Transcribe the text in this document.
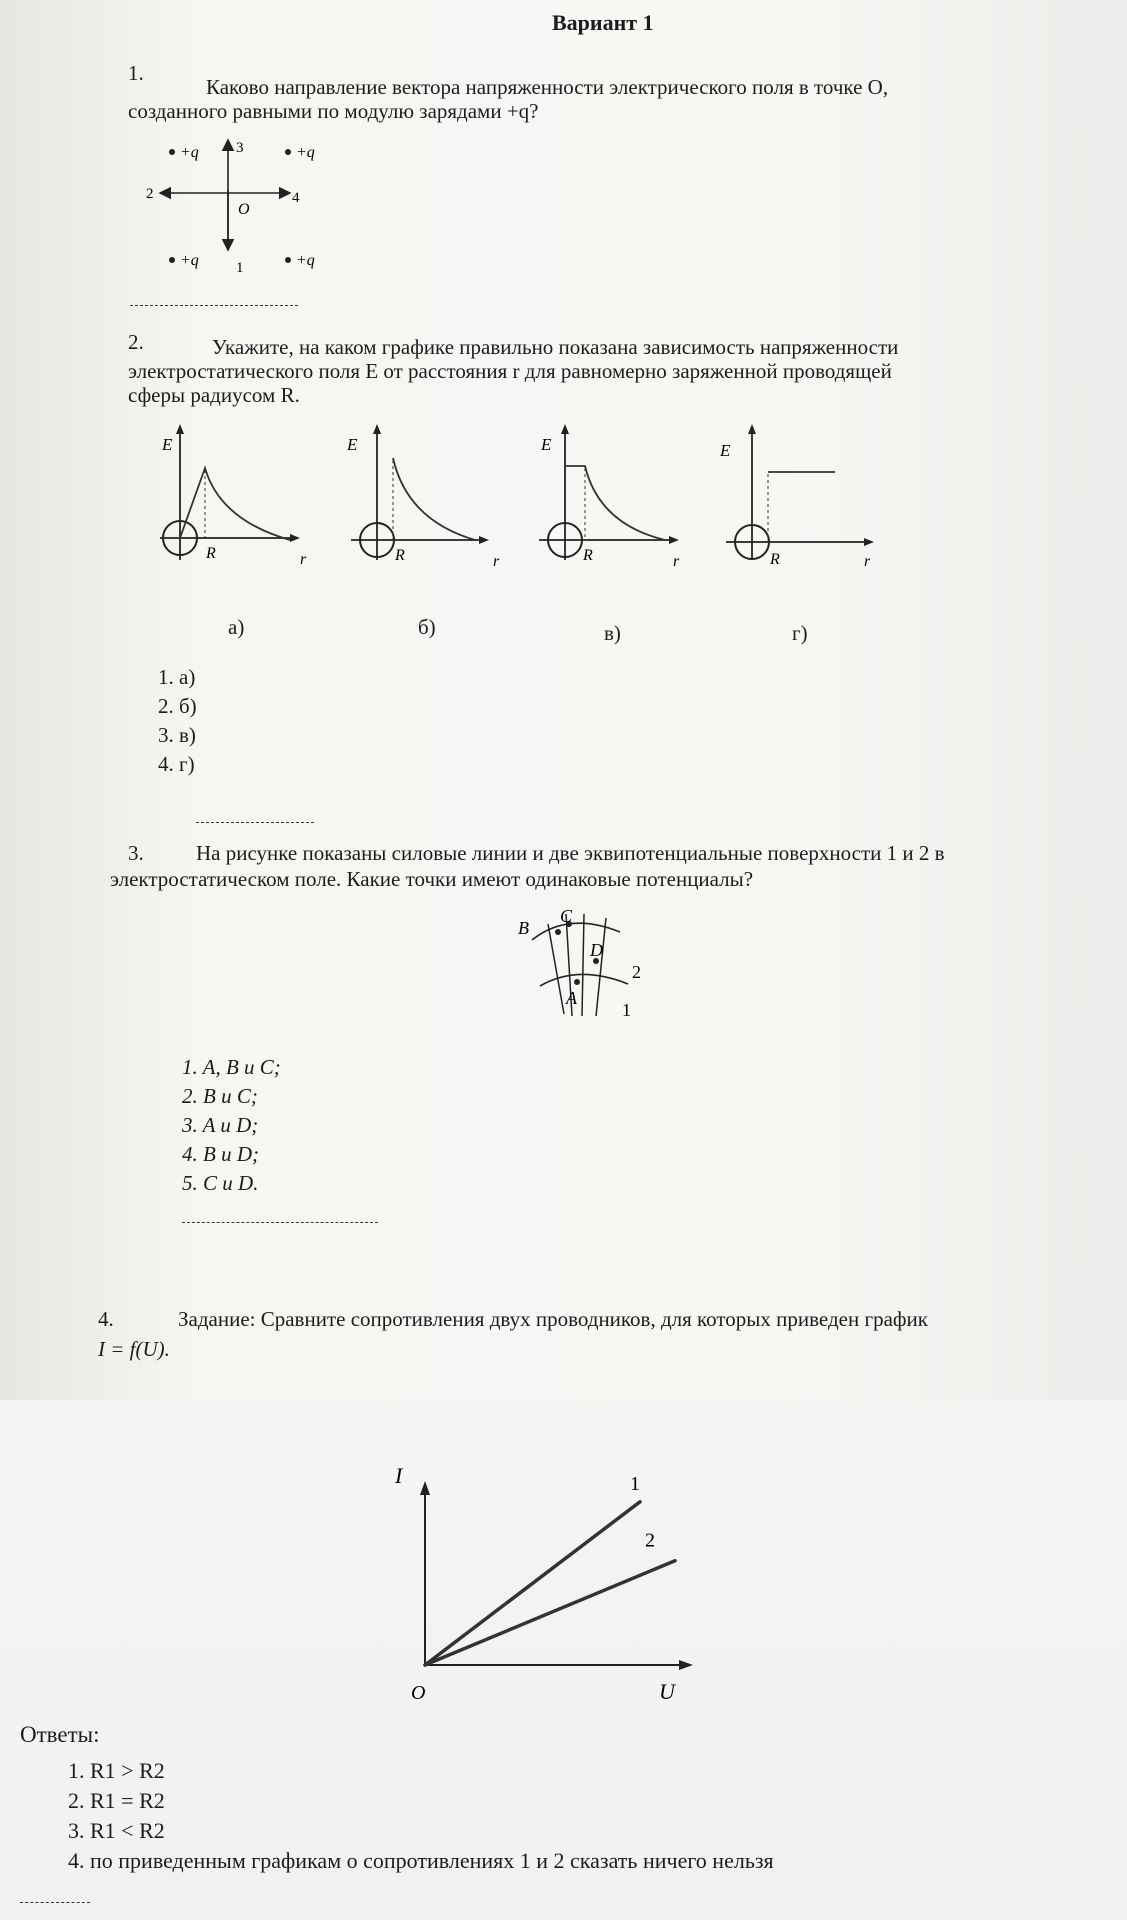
Вариант 1
1.
Каково направление вектора напряженности электрического поля в точке O,
созданного равными по модулю зарядами +q?
+q	+q
+q	+q
O
1
2
3
4
2.	Укажите, на каком графике правильно показана зависимость напряженности
электростатического поля E от расстояния r для равномерно заряженной проводящей
сферы радиусом R.
E
R	r
E
R	r
E
R	r
E
R	r
а)	б)	в)	г)
1. а)
2. б)
3. в)
4. г)
3. На рисунке показаны силовые линии и две эквипотенциальные поверхности 1 и 2 в
электростатическом поле. Какие точки имеют одинаковые потенциалы?
B
C
D
A
2
1
1. A, B и C;
2. B и C;
3. A и D;
4. B и D;
5. C и D.
4.	Задание: Сравните сопротивления двух проводников, для которых приведен график
I = f(U).
1
2
I
U
O
Ответы:
1. R1 > R2
2. R1 = R2
3. R1 < R2
4. по приведенным графикам о сопротивлениях 1 и 2 сказать ничего нельзя
